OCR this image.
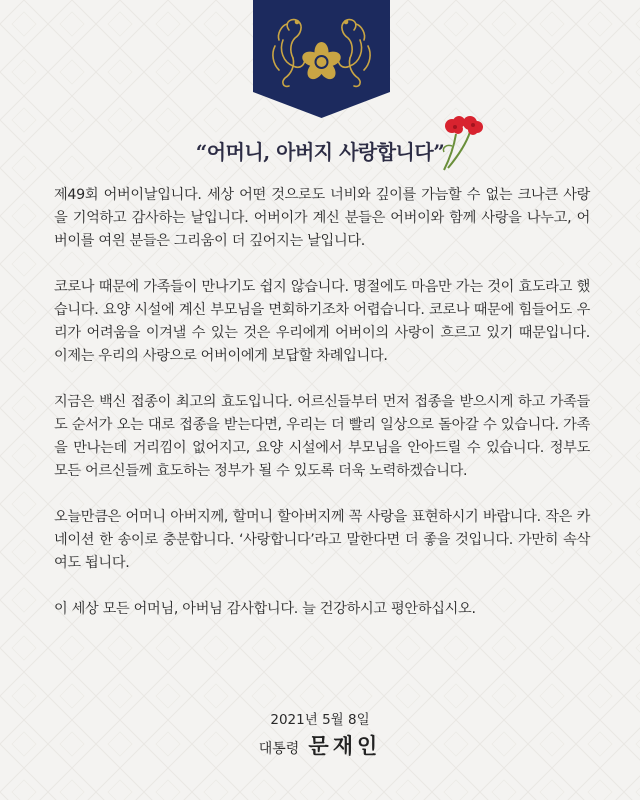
“어머니, 아버지 사랑합니다”

제49회 어버이날입니다. 세상 어떤 것으로도 너비와 깊이를 가늠할 수 없는 크나큰 사랑을 기억하고 감사하는 날입니다. 어버이가 계신 분들은 어버이와 함께 사랑을 나누고, 어버이를 여읜 분들은 그리움이 더 깊어지는 날입니다.

코로나 때문에 가족들이 만나기도 쉽지 않습니다. 명절에도 마음만 가는 것이 효도라고 했습니다. 요양 시설에 계신 부모님을 면회하기조차 어렵습니다. 코로나 때문에 힘들어도 우리가 어려움을 이겨낼 수 있는 것은 우리에게 어버이의 사랑이 흐르고 있기 때문입니다. 이제는 우리의 사랑으로 어버이에게 보답할 차례입니다.

지금은 백신 접종이 최고의 효도입니다. 어르신들부터 먼저 접종을 받으시게 하고 가족들도 순서가 오는 대로 접종을 받는다면, 우리는 더 빨리 일상으로 돌아갈 수 있습니다. 가족을 만나는데 거리낌이 없어지고, 요양 시설에서 부모님을 안아드릴 수 있습니다. 정부도 모든 어르신들께 효도하는 정부가 될 수 있도록 더욱 노력하겠습니다.

오늘만큼은 어머니 아버지께, 할머니 할아버지께 꼭 사랑을 표현하시기 바랍니다. 작은 카네이션 한 송이로 충분합니다. ‘사랑합니다’라고 말한다면 더 좋을 것입니다. 가만히 속삭여도 됩니다.

이 세상 모든 어머님, 아버님 감사합니다. 늘 건강하시고 평안하십시오.

2021년 5월 8일
대통령 문재인
